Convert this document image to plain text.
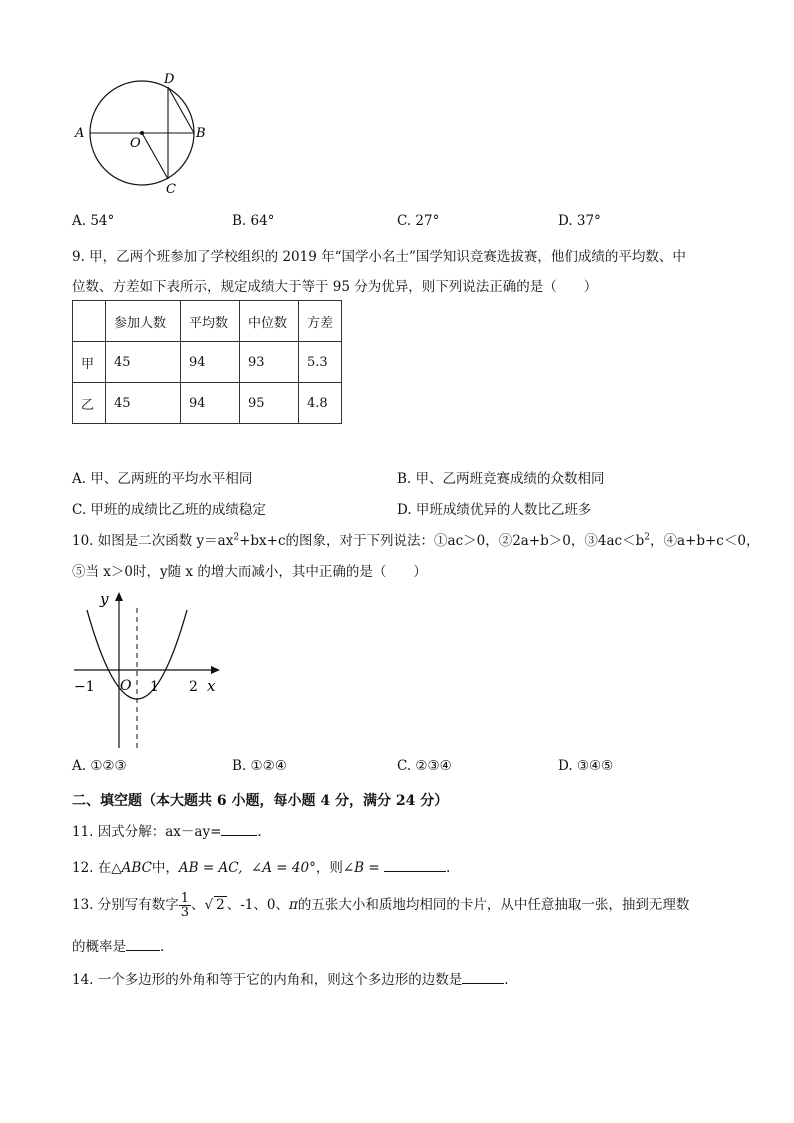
A	B
C
D
O
A. 54°	B. 64°	C. 27°	D. 37°
9. 甲，乙两个班参加了学校组织的 2019 年“国学小名士”国学知识竞赛选拔赛，他们成绩的平均数、中
位数、方差如下表所示，规定成绩大于等于 95 分为优异，则下列说法正确的是（　　）
	参加人数	平均数	中位数	方差
甲	45	94	93	5.3
乙	45	94	95	4.8
A. 甲、乙两班的平均水平相同	B. 甲、乙两班竞赛成绩的众数相同
C. 甲班的成绩比乙班的成绩稳定	D. 甲班成绩优异的人数比乙班多
10. 如图是二次函数 $y=ax^2+bx+c$的图象，对于下列说法：①ac＞0，②2a+b＞0，$③4ac<b^2$，④a+b+c＜0，
⑤当 x＞0时，y随 x 的增大而减小，其中正确的是（　　）
y
x
O
−1	1 2
A. ①②③	B. ①②④	C. ②③④	D. ③④⑤
二、填空题（本大题共 6 小题，每小题 4 分，满分 24 分）
11. 因式分解：ax－ay=	.
12. 在△ABC中，AB = AC, ∠A = 40°，则∠B =	.
13. 分别写有数字 $\frac{1}{3}$ 、√ 2 、-1、0、π的五张大小和质地均相同的卡片，从中任意抽取一张，抽到无理数
的概率是	.
14. 一个多边形的外角和等于它的内角和，则这个多边形的边数是	.
